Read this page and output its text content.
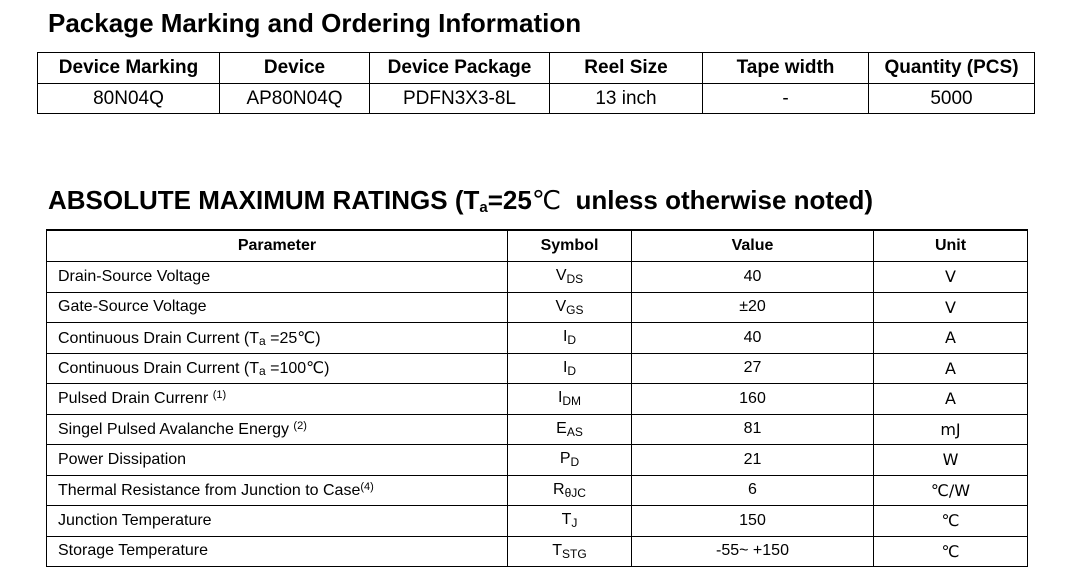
Package Marking and Ordering Information
Device Marking	Device	Device Package	Reel Size	Tape width	Quantity (PCS)
80N04Q	AP80N04Q	PDFN3X3-8L	13 inch	-	5000
ABSOLUTE MAXIMUM RATINGS ($T_a=25℃$  unless otherwise noted)
Parameter	Symbol	Value	Unit
Drain-Source Voltage	VDS	40	V
Gate-Source Voltage	VGS	±20	V
Continuous Drain Current ($T_a$ =25℃)	ID	40	A
Continuous Drain Current ($T_a$ =100℃)	ID	27	A
Pulsed Drain Currenr $^{(1)}$	IDM	160	A
Singel Pulsed Avalanche Energy $^{(2)}$	EAS	81	mJ
Power Dissipation	PD	21	W
Thermal Resistance from Junction to Case$^{(4)}$	RθJC	6	℃/W
Junction Temperature	TJ	150	℃
Storage Temperature	TSTG	-55~ +150	℃
